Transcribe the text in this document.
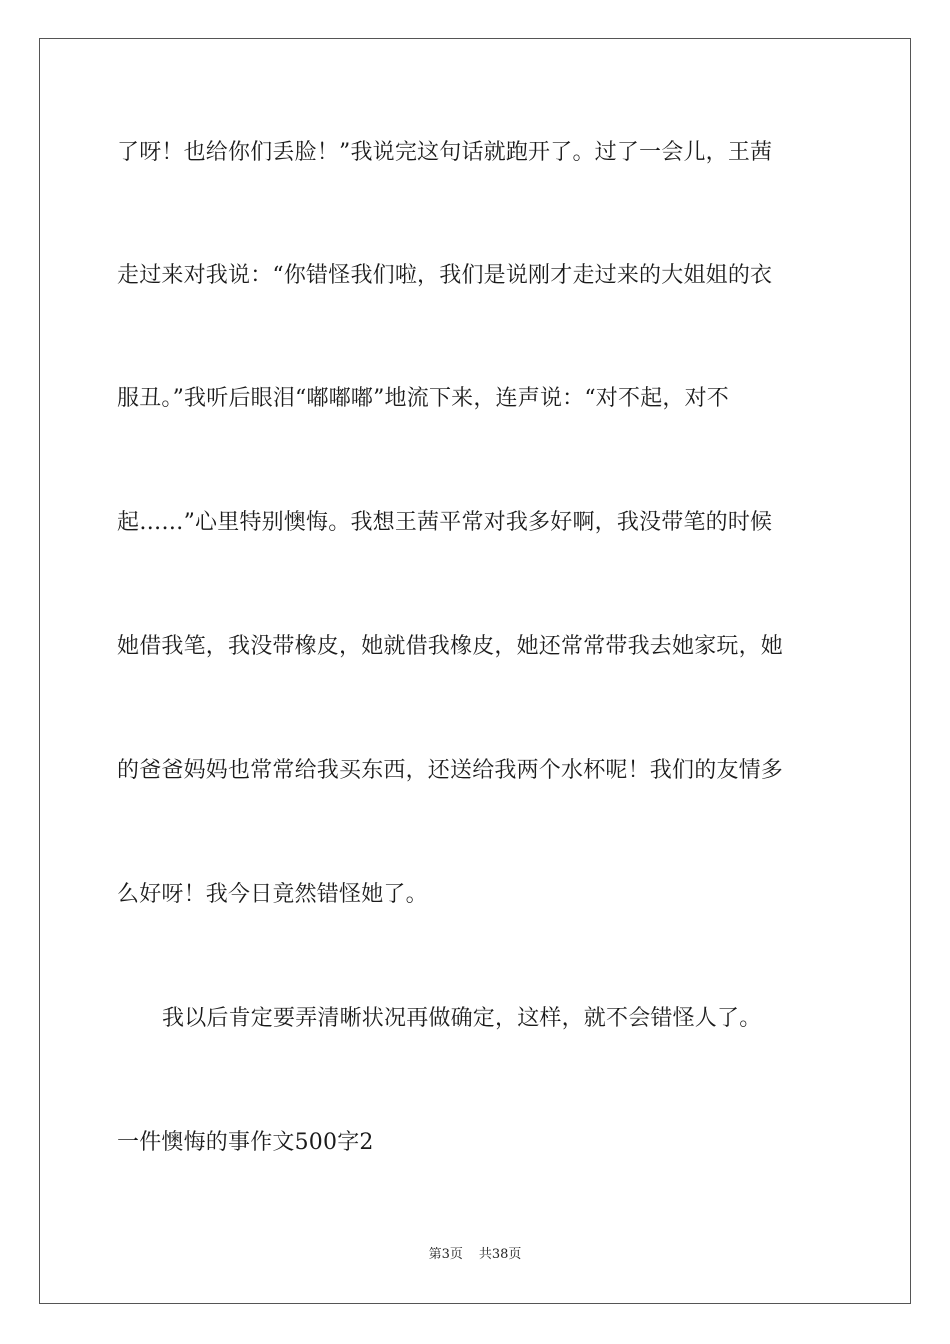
了呀！也给你们丢脸！”我说完这句话就跑开了。过了一会儿，王茜
走过来对我说：“你错怪我们啦，我们是说刚才走过来的大姐姐的衣
服丑。”我听后眼泪“嘟嘟嘟”地流下来，连声说：“对不起，对不
起……”心里特别懊悔。我想王茜平常对我多好啊，我没带笔的时候
她借我笔，我没带橡皮，她就借我橡皮，她还常常带我去她家玩，她
的爸爸妈妈也常常给我买东西，还送给我两个水杯呢！我们的友情多
么好呀！我今日竟然错怪她了。
我以后肯定要弄清晰状况再做确定，这样，就不会错怪人了。
一件懊悔的事作文500字2
第3页 共38页
